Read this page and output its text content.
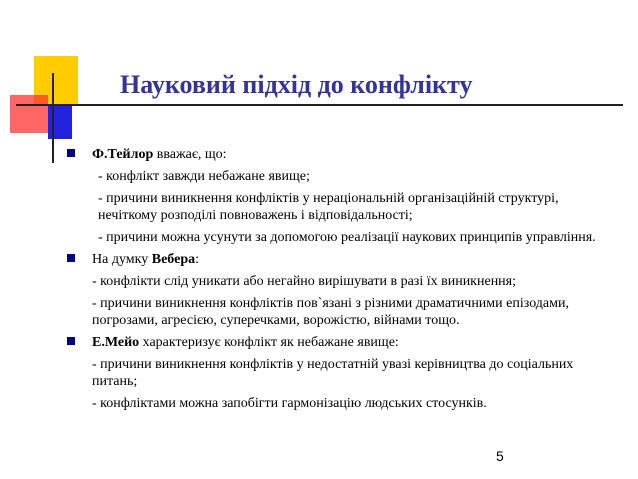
Науковий підхід до конфлікту
Ф.Тейлор вважає, що:
- конфлікт завжди небажане явище;
- причини виникнення конфліктів у нераціональній організаційній структурі, нечіткому розподілі повноважень і відповідальності;
- причини можна усунути за допомогою реалізації наукових принципів управління.
На думку Вебера:
- конфлікти слід уникати або негайно вирішувати в разі їх виникнення;
- причини виникнення конфліктів пов`язані з різними драматичними епізодами, погрозами, агресією, суперечками, ворожістю, війнами тощо.
Е.Мейо характеризує конфлікт як небажане явище:
- причини виникнення конфліктів у недостатній увазі керівництва до соціальних питань;
- конфліктами можна запобігти гармонізацію людських стосунків.
5
